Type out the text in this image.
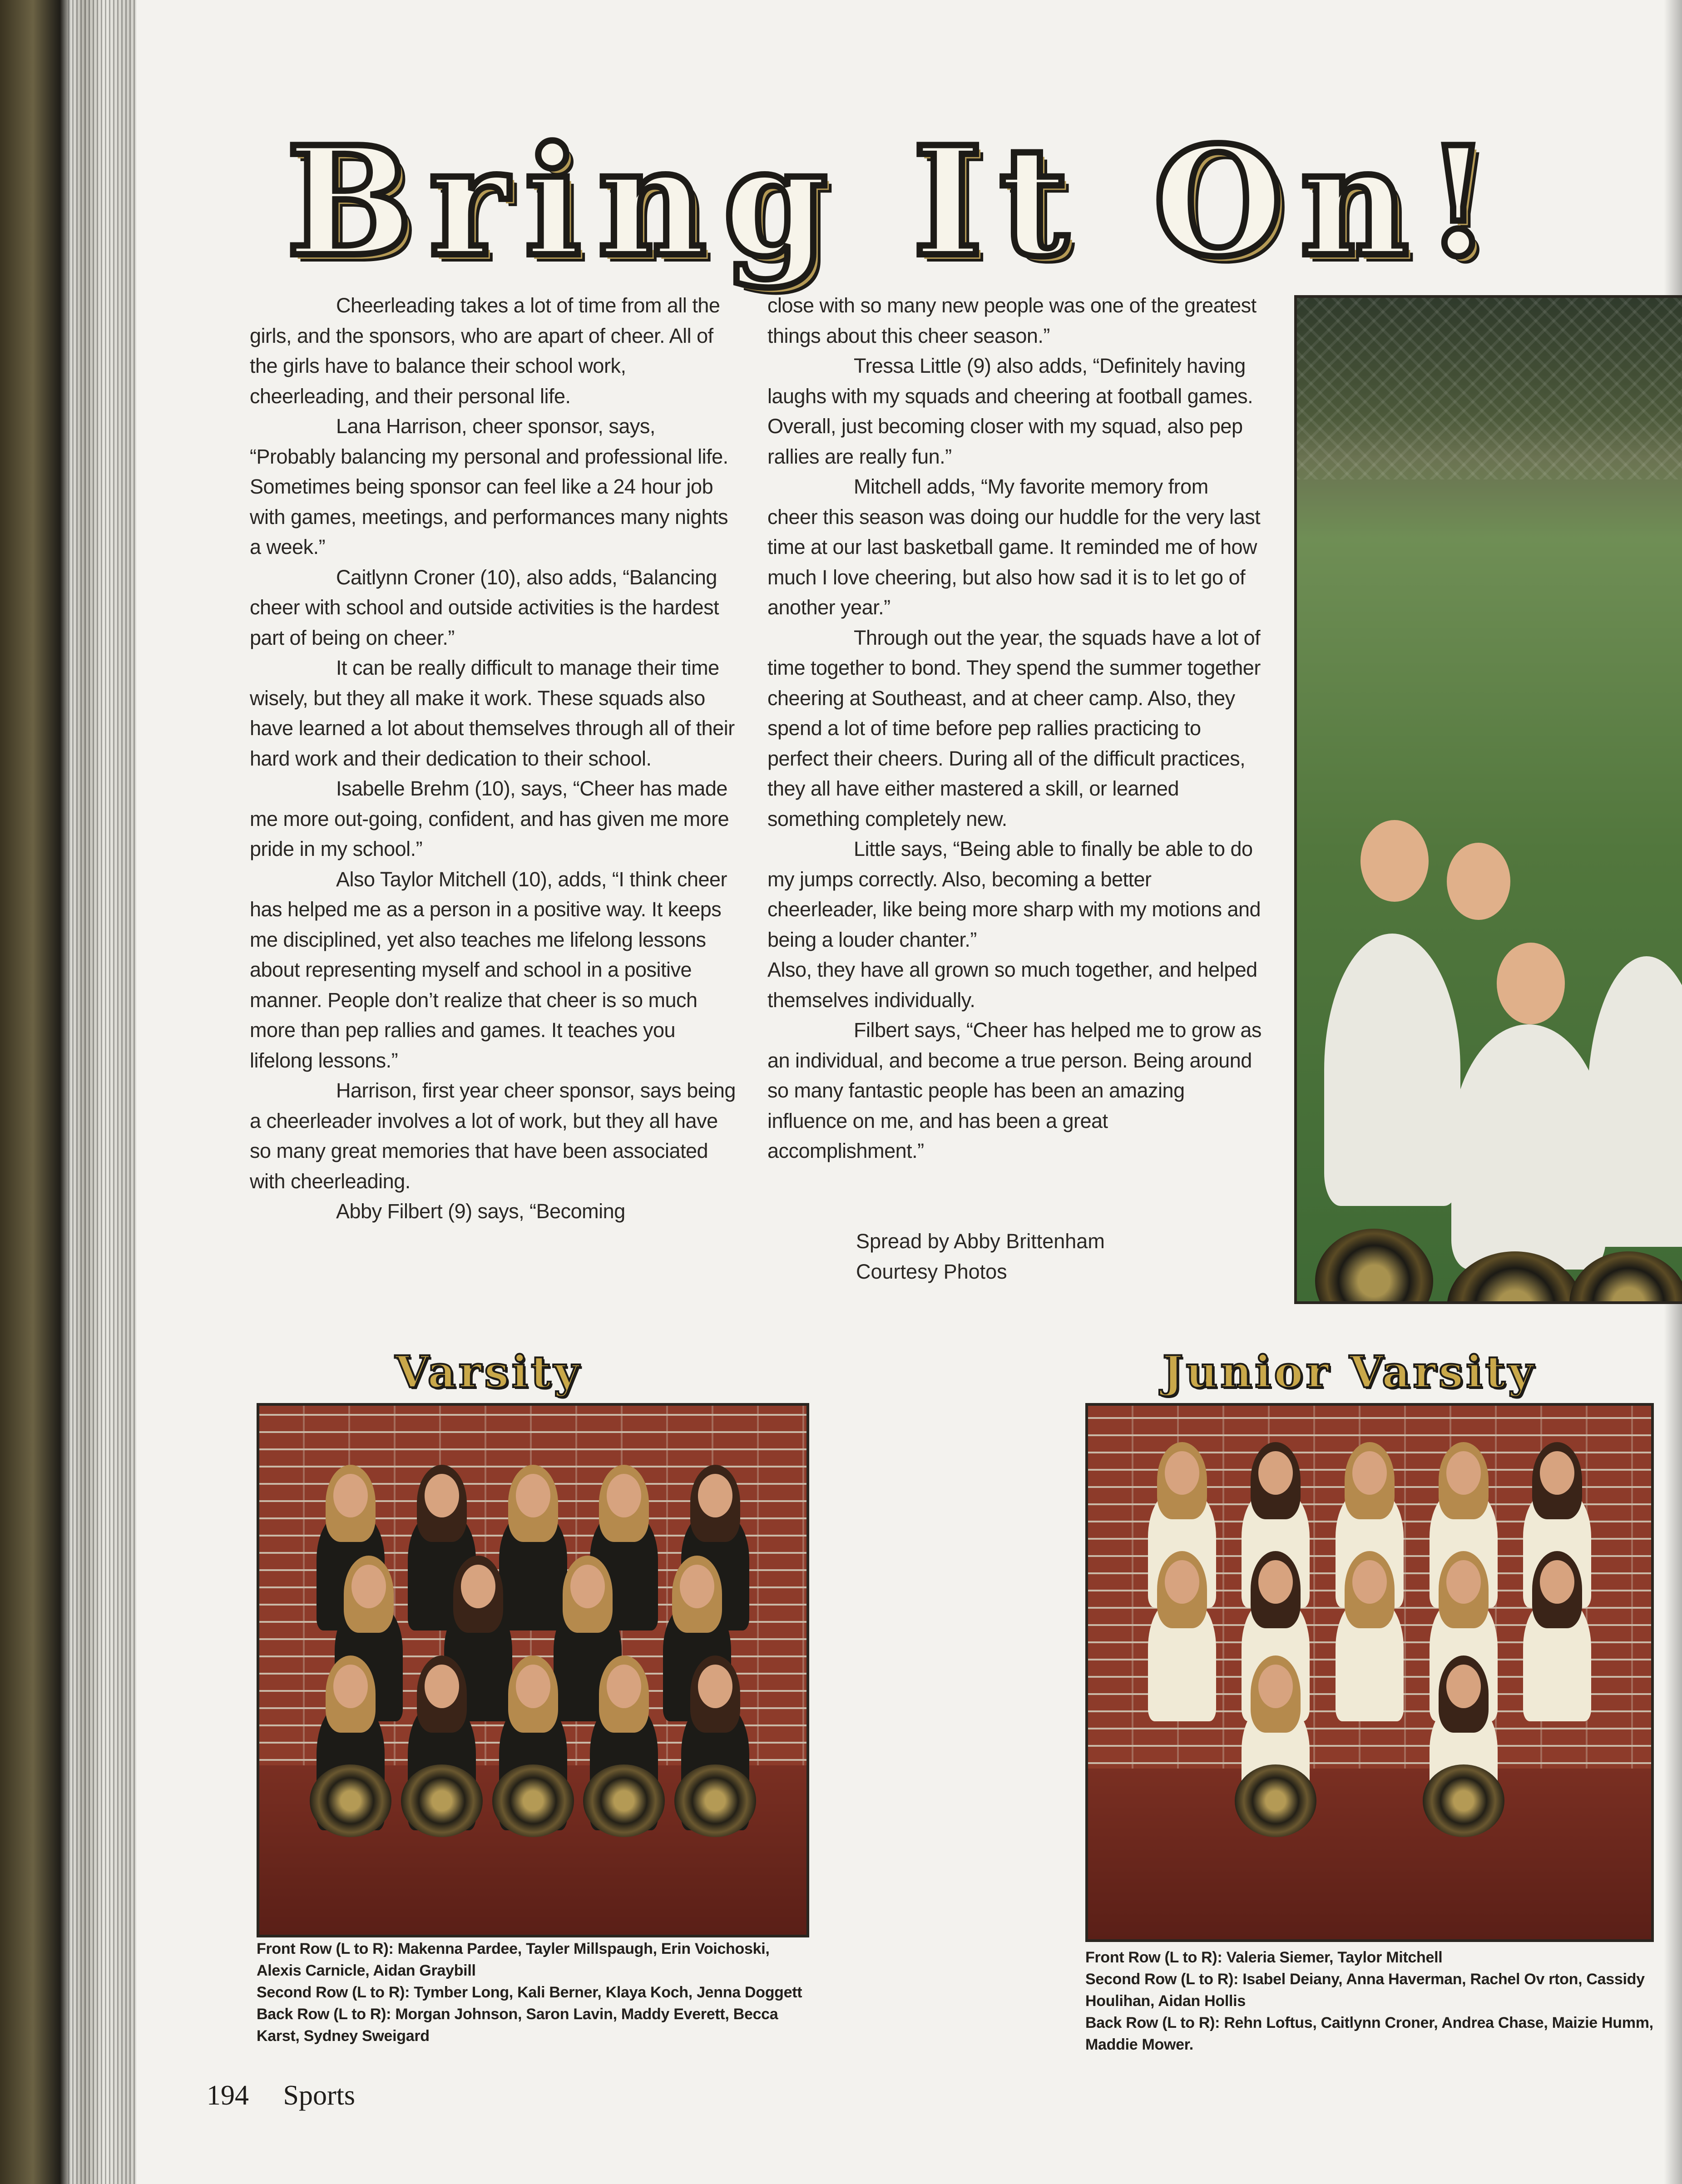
Bring It On!

Cheerleading takes a lot of time from all the girls, and the sponsors, who are apart of cheer. All of the girls have to balance their school work, cheerleading, and their personal life.

Lana Harrison, cheer sponsor, says, “Probably balancing my personal and professional life. Sometimes being sponsor can feel like a 24 hour job with games, meetings, and performances many nights a week.”

Caitlynn Croner (10), also adds, “Balancing cheer with school and outside activities is the hardest part of being on cheer.”

It can be really difficult to manage their time wisely, but they all make it work. These squads also have learned a lot about themselves through all of their hard work and their dedication to their school.

Isabelle Brehm (10), says, “Cheer has made me more out-going, confident, and has given me more pride in my school.”

Also Taylor Mitchell (10), adds, “I think cheer has helped me as a person in a positive way. It keeps me disciplined, yet also teaches me lifelong lessons about representing myself and school in a positive manner. People don’t realize that cheer is so much more than pep rallies and games. It teaches you lifelong lessons.”

Harrison, first year cheer sponsor, says being a cheerleader involves a lot of work, but they all have so many great memories that have been associated with cheerleading.

Abby Filbert (9) says, “Becoming

close with so many new people was one of the greatest things about this cheer season.”

Tressa Little (9) also adds, “Definitely having laughs with my squads and cheering at football games. Overall, just becoming closer with my squad, also pep rallies are really fun.”

Mitchell adds, “My favorite memory from cheer this season was doing our huddle for the very last time at our last basketball game. It reminded me of how much I love cheering, but also how sad it is to let go of another year.”

Through out the year, the squads have a lot of time together to bond. They spend the summer together cheering at Southeast, and at cheer camp. Also, they spend a lot of time before pep rallies practicing to perfect their cheers. During all of the difficult practices, they all have either mastered a skill, or learned something completely new.

Little says, “Being able to finally be able to do my jumps correctly. Also, becoming a better cheerleader, like being more sharp with my motions and being a louder chanter.”

Also, they have all grown so much together, and helped themselves individually.

Filbert says, “Cheer has helped me to grow as an individual, and become a true person. Being around so many fantastic people has been an amazing influence on me, and has been a great accomplishment.”

Spread by Abby Brittenham
Courtesy Photos
Varsity

Front Row (L to R): Makenna Pardee, Tayler Millspaugh, Erin Voichoski, Alexis Carnicle, Aidan Graybill

Second Row (L to R): Tymber Long, Kali Berner, Klaya Koch, Jenna Doggett

Back Row (L to R): Morgan Johnson, Saron Lavin, Maddy Everett, Becca Karst, Sydney Sweigard

Junior Varsity

Front Row (L to R): Valeria Siemer, Taylor Mitchell

Second Row (L to R): Isabel Deiany, Anna Haverman, Rachel Ov rton, Cassidy Houlihan, Aidan Hollis

Back Row (L to R): Rehn Loftus, Caitlynn Croner, Andrea Chase, Maizie Humm, Maddie Mower.

194 Sports
